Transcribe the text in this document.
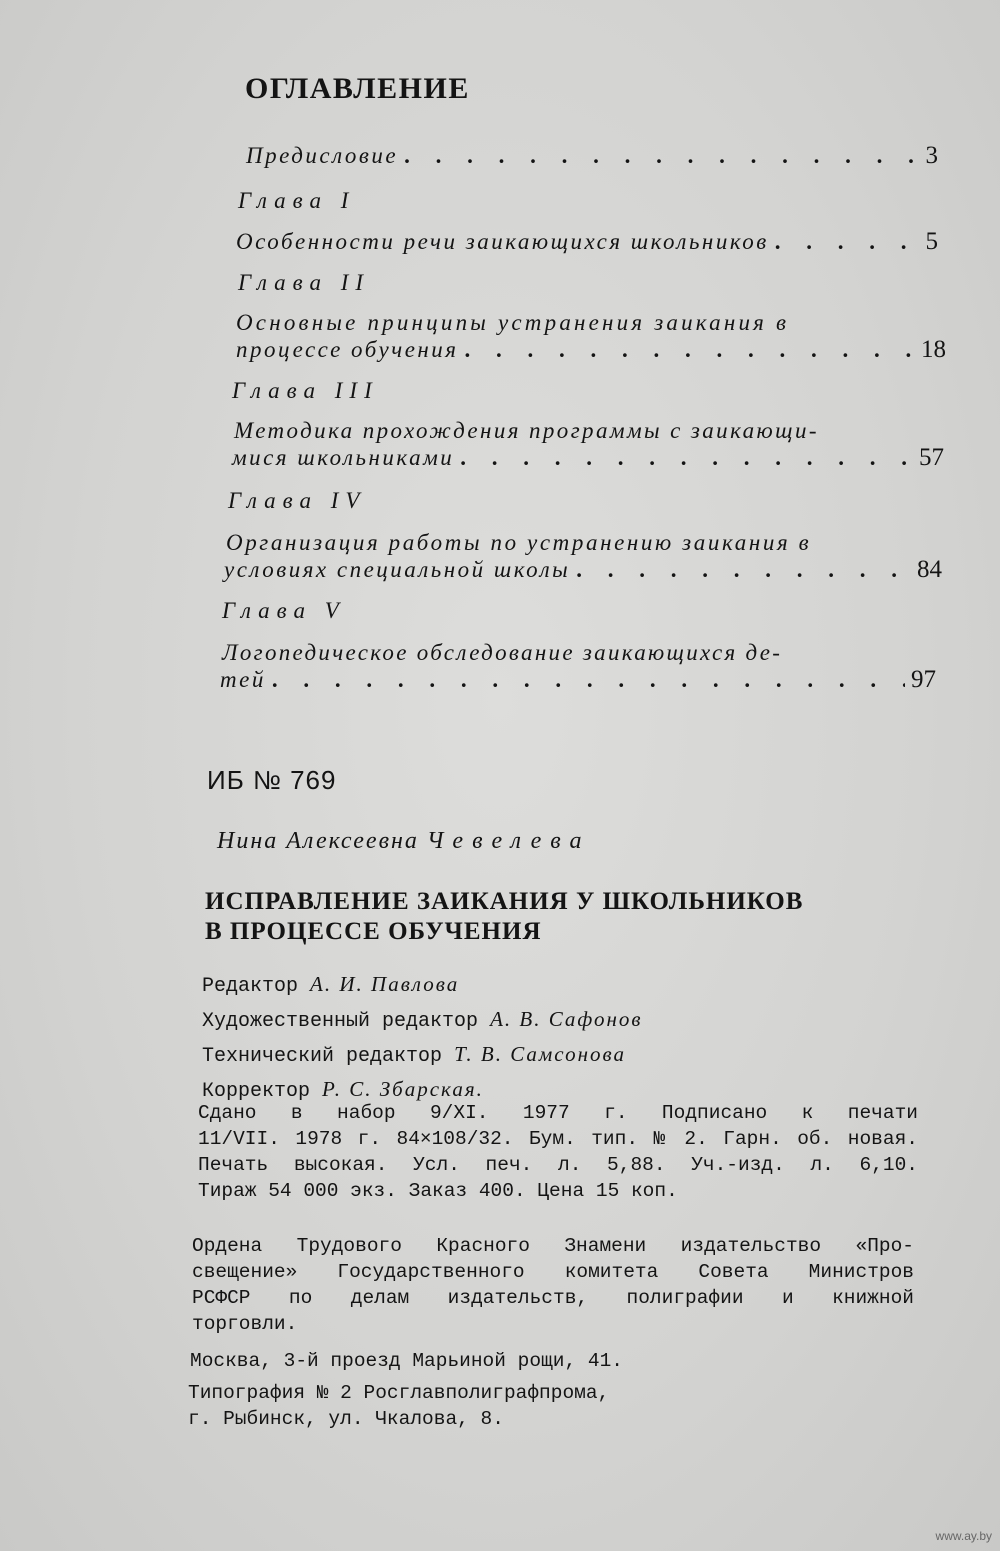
ОГЛАВЛЕНИЕ
Предисловие . . .	3
Глава I
Особенности речи заикающихся школьников . . .	5
Глава II
Основные принципы устранения заикания в
процессе обучения . . .	18
Глава III
Методика прохождения программы с заикающи-
мися школьниками . . .	57
Глава IV
Организация работы по устранению заикания в
условиях специальной школы . . .	84
Глава V
Логопедическое обследование заикающихся де-
тей . . .	97
ИБ № 769
Нина Алексеевна Чевелева
ИСПРАВЛЕНИЕ ЗАИКАНИЯ У ШКОЛЬНИКОВ
В ПРОЦЕССЕ ОБУЧЕНИЯ
Редактор А. И. Павлова
Художественный редактор А. В. Сафонов
Технический редактор Т. В. Самсонова
Корректор Р. С. Збарская.
Сдано в набор 9/XI. 1977 г. Подписано к печати
11/VII. 1978 г. 84×108/32. Бум. тип. № 2. Гарн. об. новая.
Печать высокая. Усл. печ. л. 5,88. Уч.-изд. л. 6,10.
Тираж 54 000 экз. Заказ 400. Цена 15 коп.
Ордена Трудового Красного Знамени издательство «Про-
свещение» Государственного комитета Совета Министров
РСФСР по делам издательств, полиграфии и книжной
торговли.
Москва, 3-й проезд Марьиной рощи, 41.
Типография № 2 Росглавполиграфпрома,
г. Рыбинск, ул. Чкалова, 8.
www.ay.by
